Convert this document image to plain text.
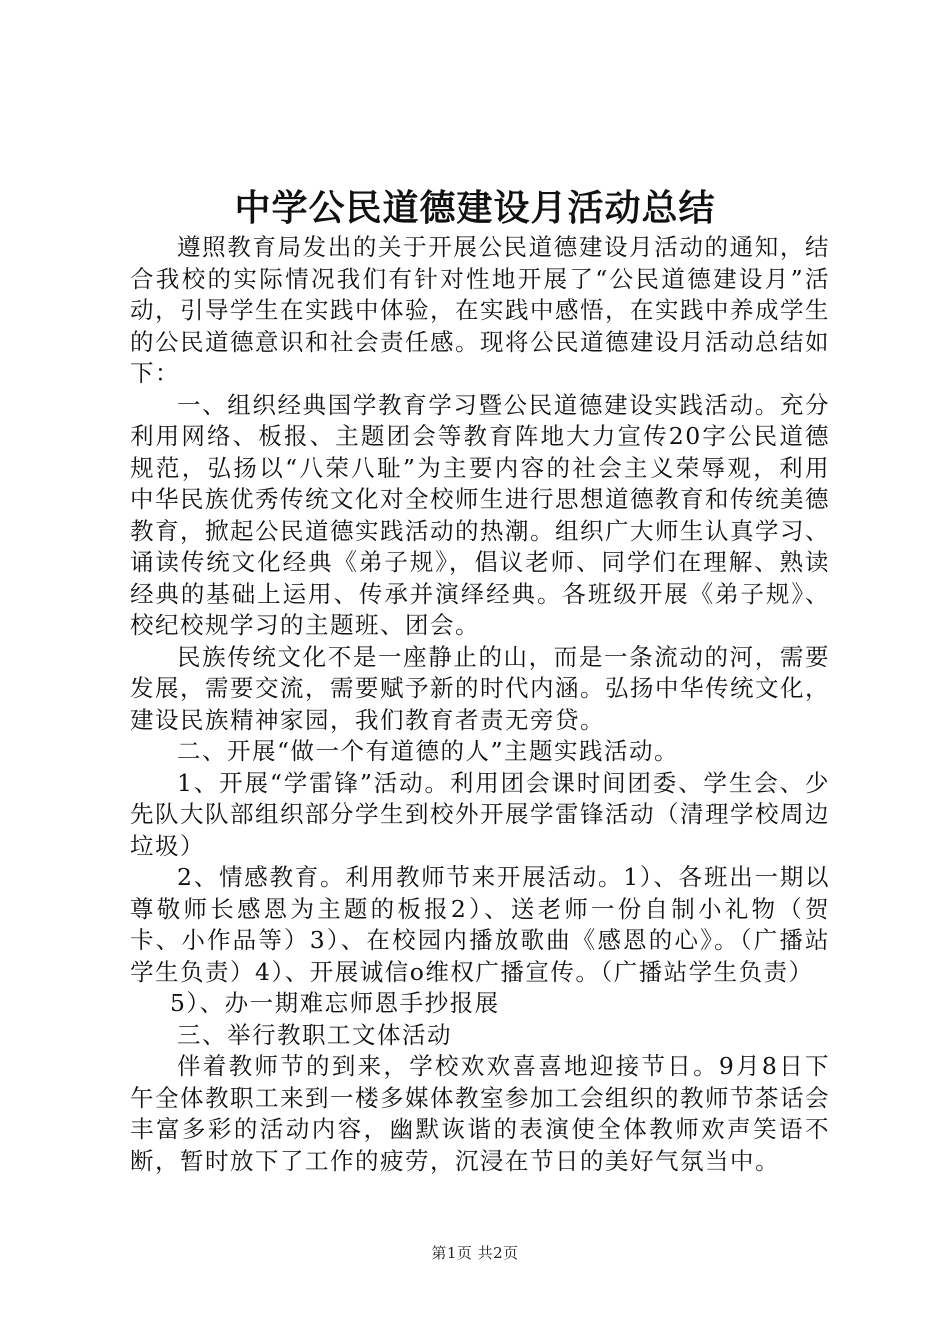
中学公民道德建设月活动总结

遵照教育局发出的关于开展公民道德建设月活动的通知，结合我校的实际情况我们有针对性地开展了“公民道德建设月”活动，引导学生在实践中体验，在实践中感悟，在实践中养成学生的公民道德意识和社会责任感。现将公民道德建设月活动总结如下：

一、组织经典国学教育学习暨公民道德建设实践活动。充分利用网络、板报、主题团会等教育阵地大力宣传20字公民道德规范，弘扬以“八荣八耻”为主要内容的社会主义荣辱观，利用中华民族优秀传统文化对全校师生进行思想道德教育和传统美德教育，掀起公民道德实践活动的热潮。组织广大师生认真学习、诵读传统文化经典《弟子规》，倡议老师、同学们在理解、熟读经典的基础上运用、传承并演绎经典。各班级开展《弟子规》、校纪校规学习的主题班、团会。

民族传统文化不是一座静止的山，而是一条流动的河，需要发展，需要交流，需要赋予新的时代内涵。弘扬中华传统文化，建设民族精神家园，我们教育者责无旁贷。

二、开展“做一个有道德的人”主题实践活动。

1、开展“学雷锋”活动。利用团会课时间团委、学生会、少先队大队部组织部分学生到校外开展学雷锋活动（清理学校周边垃圾）

2、情感教育。利用教师节来开展活动。1）、各班出一期以尊敬师长感恩为主题的板报2）、送老师一份自制小礼物（贺卡、小作品等）3）、在校园内播放歌曲《感恩的心》。（广播站学生负责）4）、开展诚信o维权广播宣传。（广播站学生负责）

5）、办一期难忘师恩手抄报展

三、举行教职工文体活动

伴着教师节的到来，学校欢欢喜喜地迎接节日。9月8日下午全体教职工来到一楼多媒体教室参加工会组织的教师节茶话会丰富多彩的活动内容，幽默诙谐的表演使全体教师欢声笑语不断，暂时放下了工作的疲劳，沉浸在节日的美好气氛当中。

第1页 共2页
